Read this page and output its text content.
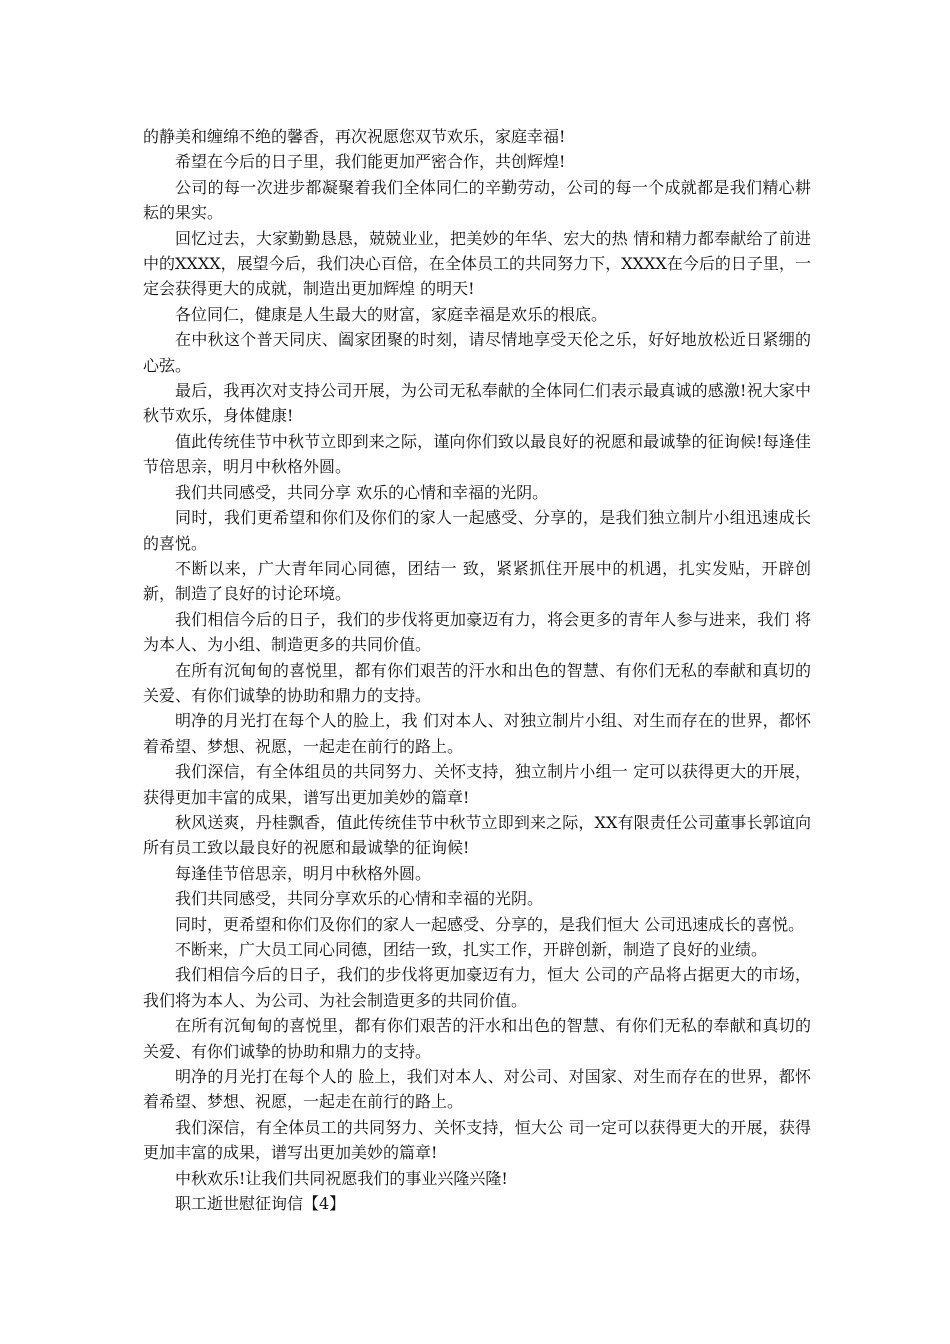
的静美和缠绵不绝的馨香，再次祝愿您双节欢乐，家庭幸福!

希望在今后的日子里，我们能更加严密合作，共创辉煌!

公司的每一次进步都凝聚着我们全体同仁的辛勤劳动，公司的每一个成就都是我们精心耕耘的果实。

回忆过去，大家勤勤恳恳，兢兢业业，把美妙的年华、宏大的热 情和精力都奉献给了前进中的XXXX，展望今后，我们决心百倍，在全体员工的共同努力下，XXXX在今后的日子里，一定会获得更大的成就，制造出更加辉煌 的明天!

各位同仁，健康是人生最大的财富，家庭幸福是欢乐的根底。

在中秋这个普天同庆、阖家团聚的时刻，请尽情地享受天伦之乐，好好地放松近日紧绷的心弦。

最后，我再次对支持公司开展，为公司无私奉献的全体同仁们表示最真诚的感激!祝大家中秋节欢乐，身体健康!

值此传统佳节中秋节立即到来之际，谨向你们致以最良好的祝愿和最诚挚的征询候!每逢佳节倍思亲，明月中秋格外圆。

我们共同感受，共同分享 欢乐的心情和幸福的光阴。

同时，我们更希望和你们及你们的家人一起感受、分享的，是我们独立制片小组迅速成长的喜悦。

不断以来，广大青年同心同德，团结一 致，紧紧抓住开展中的机遇，扎实发贴，开辟创新，制造了良好的讨论环境。

我们相信今后的日子，我们的步伐将更加豪迈有力，将会更多的青年人参与进来，我们 将为本人、为小组、制造更多的共同价值。

在所有沉甸甸的喜悦里，都有你们艰苦的汗水和出色的智慧、有你们无私的奉献和真切的关爱、有你们诚挚的协助和鼎力的支持。

明净的月光打在每个人的脸上，我 们对本人、对独立制片小组、对生而存在的世界，都怀着希望、梦想、祝愿，一起走在前行的路上。

我们深信，有全体组员的共同努力、关怀支持，独立制片小组一 定可以获得更大的开展，获得更加丰富的成果，谱写出更加美妙的篇章!

秋风送爽，丹桂飘香，值此传统佳节中秋节立即到来之际，XX有限责任公司董事长郭谊向所有员工致以最良好的祝愿和最诚挚的征询候!

每逢佳节倍思亲，明月中秋格外圆。

我们共同感受，共同分享欢乐的心情和幸福的光阴。

同时，更希望和你们及你们的家人一起感受、分享的，是我们恒大 公司迅速成长的喜悦。

不断来，广大员工同心同德，团结一致，扎实工作，开辟创新，制造了良好的业绩。

我们相信今后的日子，我们的步伐将更加豪迈有力，恒大 公司的产品将占据更大的市场，我们将为本人、为公司、为社会制造更多的共同价值。

在所有沉甸甸的喜悦里，都有你们艰苦的汗水和出色的智慧、有你们无私的奉献和真切的关爱、有你们诚挚的协助和鼎力的支持。

明净的月光打在每个人的 脸上，我们对本人、对公司、对国家、对生而存在的世界，都怀着希望、梦想、祝愿，一起走在前行的路上。

我们深信，有全体员工的共同努力、关怀支持，恒大公 司一定可以获得更大的开展，获得更加丰富的成果，谱写出更加美妙的篇章!

中秋欢乐!让我们共同祝愿我们的事业兴隆兴隆!

职工逝世慰征询信【4】
